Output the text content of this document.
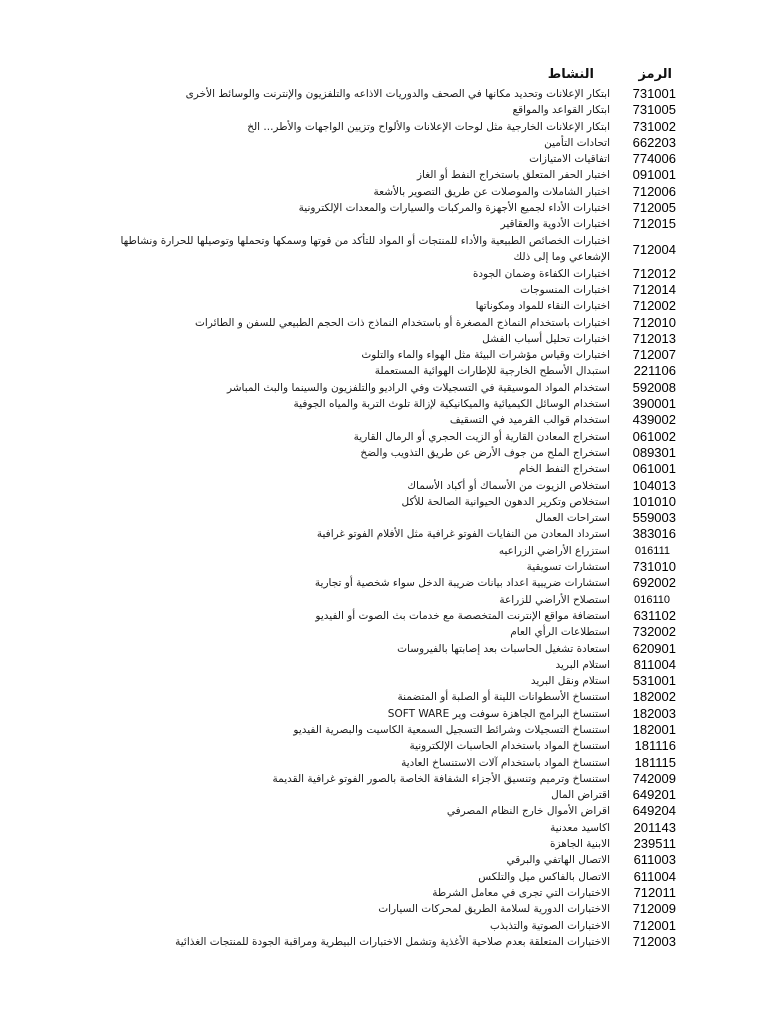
الرمز
النشاط
731001
ابتكار الإعلانات وتحديد مكانها في الصحف والدوريات الاذاعه والتلفزيون والإنترنت والوسائط الأخرى
731005
ابتكار القواعد والمواقع
731002
ابتكار الإعلانات الخارجية مثل لوحات الإعلانات والألواح وتزيين الواجهات والأطر... الخ
662203
اتحادات التأمين
774006
اتفاقيات الامتيازات
091001
اختبار الحفر المتعلق باستخراج النفط أو الغاز
712006
اختبار الشاملات والموصلات عن طريق التصوير بالأشعة
712005
اختبارات الأداء لجميع الأجهزة والمركبات والسيارات والمعدات الإلكترونية
712015
اختبارات الأدوية والعقاقير
712004
اختبارات الخصائص الطبيعية والأداء للمنتجات أو المواد للتأكد من قوتها وسمكها وتحملها وتوصيلها للحرارة ونشاطها الإشعاعي وما إلى ذلك
712012
اختبارات الكفاءة وضمان الجودة
712014
اختبارات المنسوجات
712002
اختبارات النقاء للمواد ومكوناتها
712010
اختبارات باستخدام النماذج المصغرة أو باستخدام النماذج ذات الحجم الطبيعي للسفن و الطائرات
712013
اختبارات تحليل أسباب الفشل
712007
اختبارات وقياس مؤشرات البيئة مثل الهواء والماء والتلوث
221106
استبدال الأسطح الخارجية للإطارات الهوائية المستعملة
592008
استخدام المواد الموسيقية في التسجيلات وفي الراديو والتلفزيون والسينما والبث المباشر
390001
استخدام الوسائل الكيميائية والميكانيكية لإزالة تلوث التربة والمياه الجوفية
439002
استخدام قوالب القرميد في التسقيف
061002
استخراج المعادن القارية أو الزيت الحجري أو الرمال القارية
089301
استخراج الملح من جوف الأرض عن طريق التذويب والضخ
061001
استخراج النفط الخام
104013
استخلاص الزيوت من الأسماك أو أكباد الأسماك
101010
استخلاص وتكرير الدهون الحيوانية الصالحة للأكل
559003
استراحات العمال
383016
استرداد المعادن من النفايات الفوتو غرافية مثل الأفلام الفوتو غرافية
016111
استزراع الأراضي الزراعيه
731010
استشارات تسويقية
692002
استشارات ضريبية اعداد بيانات ضريبة الدخل سواء شخصية أو تجارية
016110
استصلاح الأراضي للزراعة
631102
استضافة مواقع الإنترنت المتخصصة مع خدمات بث الصوت أو الفيديو
732002
استطلاعات الرأي العام
620901
استعادة تشغيل الحاسبات بعد إصابتها بالفيروسات
811004
استلام البريد
531001
استلام ونقل البريد
182002
استنساخ الأسطوانات اللينة أو الصلبة أو المتضمنة
182003
استنساخ البرامج الجاهزة سوفت وير SOFT WARE
182001
استنساخ التسجيلات وشرائط التسجيل السمعية الكاسيت والبصرية الفيديو
181116
استنساخ المواد باستخدام الحاسبات الإلكترونية
181115
استنساخ المواد باستخدام آلات الاستنساخ العادية
742009
استنساخ وترميم وتنسيق الأجزاء الشفافة الخاصة بالصور الفوتو غرافية القديمة
649201
اقتراض المال
649204
اقراض الأموال خارج النظام المصرفي
201143
اكاسيد معدنية
239511
الابنية الجاهزة
611003
الاتصال الهاتفي والبرقي
611004
الاتصال بالفاكس ميل والتلكس
712011
الاختبارات التي تجرى في معامل الشرطة
712009
الاختبارات الدورية لسلامة الطريق لمحركات السيارات
712001
الاختبارات الصوتية والتذبذب
712003
الاختبارات المتعلقة بعدم صلاحية الأغذية وتشمل الاختبارات البيطرية ومراقبة الجودة للمنتجات الغذائية
